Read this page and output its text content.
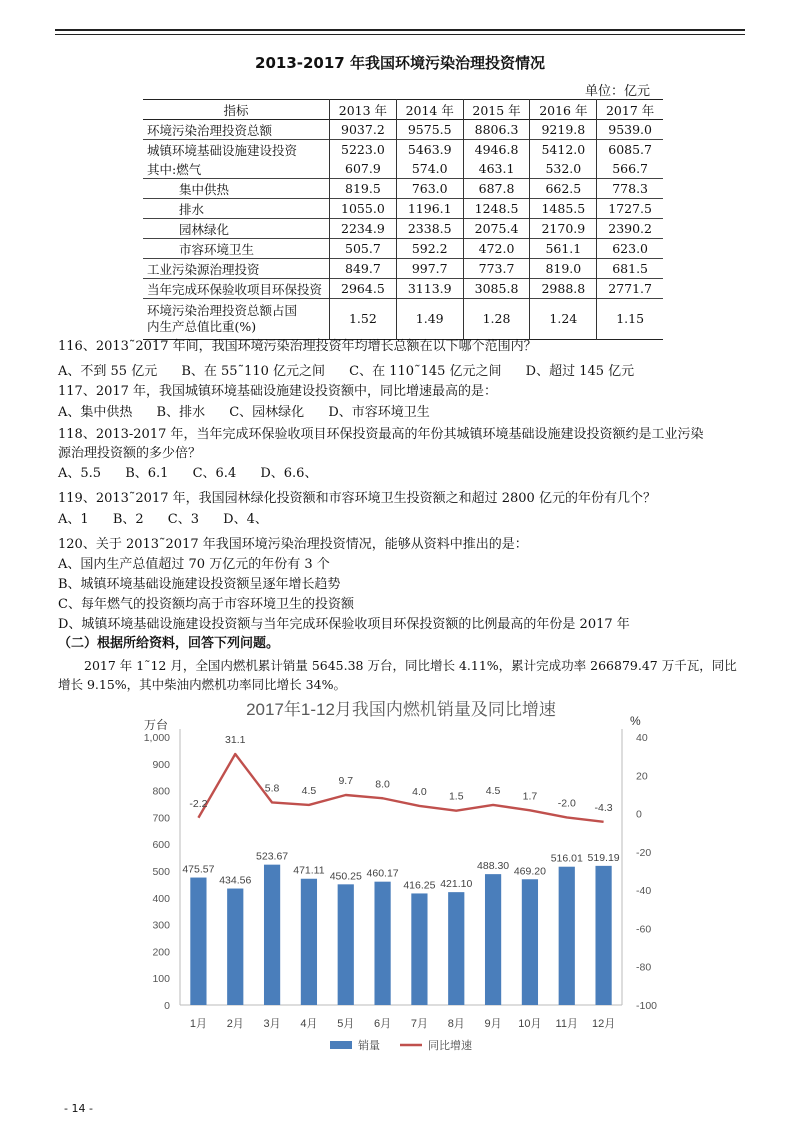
2013-2017 年我国环境污染治理投资情况
单位：亿元
指标	2013 年	2014 年	2015 年	2016 年	2017 年
环境污染治理投资总额	9037.2	9575.5	8806.3	9219.8	9539.0
城镇环境基础设施建设投资	5223.0	5463.9	4946.8	5412.0	6085.7
其中:燃气	607.9	574.0	463.1	532.0	566.7
集中供热	819.5	763.0	687.8	662.5	778.3
排水	1055.0	1196.1	1248.5	1485.5	1727.5
园林绿化	2234.9	2338.5	2075.4	2170.9	2390.2
市容环境卫生	505.7	592.2	472.0	561.1	623.0
工业污染源治理投资	849.7	997.7	773.7	819.0	681.5
当年完成环保验收项目环保投资	2964.5	3113.9	3085.8	2988.8	2771.7
环境污染治理投资总额占国
内生产总值比重(%)	1.52	1.49	1.28	1.24	1.15
116、2013˜2017 年间，我国环境污染治理投资年均增长总额在以下哪个范围内？
A、不到 55 亿元 B、在 55˜110 亿元之间 C、在 110˜145 亿元之间 D、超过 145 亿元
117、2017 年，我国城镇环境基础设施建设投资额中，同比增速最高的是：
A、集中供热 B、排水 C、园林绿化 D、市容环境卫生
118、2013-2017 年，当年完成环保验收项目环保投资最高的年份其城镇环境基础设施建设投资额约是工业污染
源治理投资额的多少倍？
A、5.5 B、6.1 C、6.4 D、6.6、
119、2013˜2017 年，我国园林绿化投资额和市容环境卫生投资额之和超过 2800 亿元的年份有几个？
A、1 B、2 C、3 D、4、
120、关于 2013˜2017 年我国环境污染治理投资情况，能够从资料中推出的是：
A、国内生产总值超过 70 万亿元的年份有 3 个
B、城镇环境基础设施建设投资额呈逐年增长趋势
C、每年燃气的投资额均高于市容环境卫生的投资额
D、城镇环境基础设施建设投资额与当年完成环保验收项目环保投资额的比例最高的年份是 2017 年
（二）根据所给资料，回答下列问题。
2017 年 1˜12 月，全国内燃机累计销量 5645.38 万台，同比增长 4.11%，累计完成功率 266879.47 万千瓦，同比增长 9.15%，其中柴油内燃机功率同比增长 34%。
2017年1-12月我国内燃机销量及同比增速
万台	%
0
100
200
300
400
500
600
700
800
900
1,000
-100
-80
-60
-40
-20
0
20
40
475.57
434.56
523.67
471.11 450.25 460.17
416.25 421.10
488.30 469.20
516.01 519.19
1月 2月 3月 4月 5月 6月 7月 8月 9月 10月 11月 12月
-2.2
31.1
5.8 4.5
9.7 8.0
4.0 1.5 4.5 1.7
-2.0 -4.3
销量	同比增速
- 14 -
